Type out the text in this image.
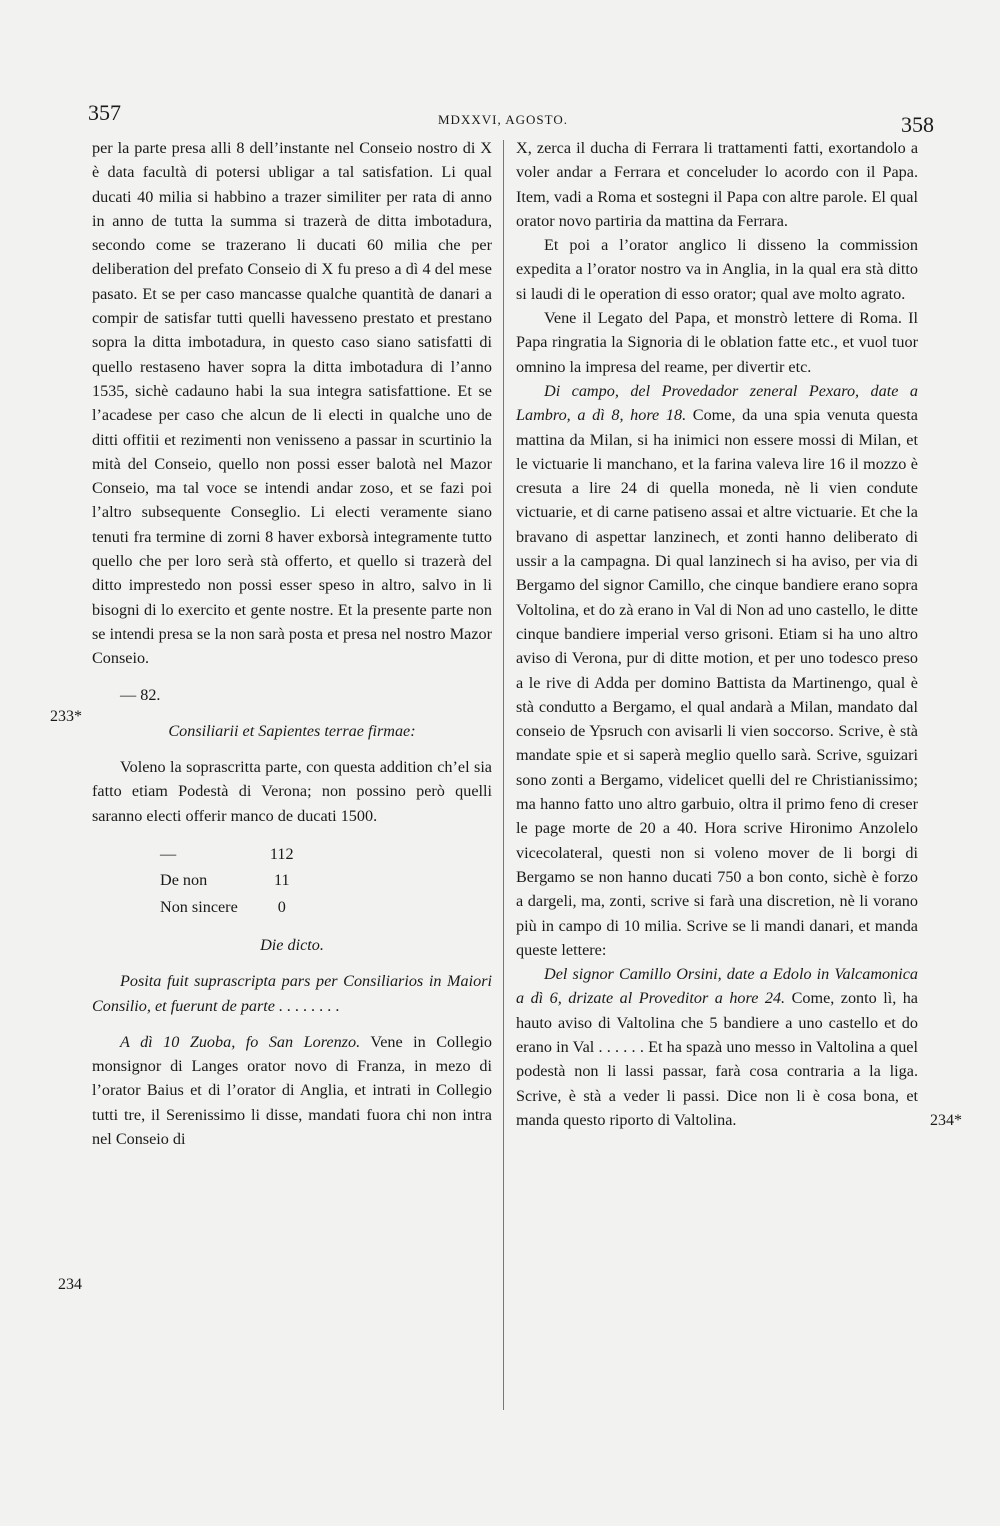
357	MDXXVI, AGOSTO.	358
233*
234
234*

per la parte presa alli 8 dell’instante nel Conseio nostro di X è data facultà di potersi ubligar a tal satisfation. Li qual ducati 40 milia si habbino a trazer similiter per rata di anno in anno de tutta la summa si trazerà de ditta imbotadura, secondo come se trazerano li ducati 60 milia che per deliberation del prefato Conseio di X fu preso a dì 4 del mese pasato. Et se per caso mancasse qualche quantità de danari a compir de satisfar tutti quelli havesseno prestato et prestano sopra la ditta imbotadura, in questo caso siano satisfatti di quello restaseno haver sopra la ditta imbotadura di l’anno 1535, sichè cadauno habi la sua integra satisfattione. Et se l’acadese per caso che alcun de li electi in qualche uno de ditti offitii et rezimenti non venisseno a passar in scurtinio la mità del Conseio, quello non possi esser balotà nel Mazor Conseio, ma tal voce se intendi andar zoso, et se fazi poi l’altro subsequente Conseglio. Li electi veramente siano tenuti fra termine di zorni 8 haver exborsà integramente tutto quello che per loro serà stà offerto, et quello si trazerà del ditto imprestedo non possi esser speso in altro, salvo in li bisogni di lo exercito et gente nostre. Et la presente parte non se intendi presa se la non sarà posta et presa nel nostro Mazor Conseio.

— 82.

Consiliarii et Sapientes terrae firmae:

Voleno la soprascritta parte, con questa addition ch’el sia fatto etiam Podestà di Verona; non possino però quelli saranno electi offerir manco de ducati 1500.

—	112
De non	11
Non sincere	0

Die dicto.

Posita fuit suprascripta pars per Consiliarios in Maiori Consilio, et fuerunt de parte . . . . . . . .

A dì 10 Zuoba, fo San Lorenzo. Vene in Collegio monsignor di Langes orator novo di Franza, in mezo di l’orator Baius et di l’orator di Anglia, et intrati in Collegio tutti tre, il Serenissimo li disse, mandati fuora chi non intra nel Conseio di

X, zerca il ducha di Ferrara li trattamenti fatti, exortandolo a voler andar a Ferrara et conceluder lo acordo con il Papa. Item, vadi a Roma et sostegni il Papa con altre parole. El qual orator novo partiria da mattina da Ferrara.

Et poi a l’orator anglico li disseno la commission expedita a l’orator nostro va in Anglia, in la qual era stà ditto si laudi di le operation di esso orator; qual ave molto agrato.

Vene il Legato del Papa, et monstrò lettere di Roma. Il Papa ringratia la Signoria di le oblation fatte etc., et vuol tuor omnino la impresa del reame, per divertir etc.

Di campo, del Provedador zeneral Pexaro, date a Lambro, a dì 8, hore 18. Come, da una spia venuta questa mattina da Milan, si ha inimici non essere mossi di Milan, et le victuarie li manchano, et la farina valeva lire 16 il mozzo è cresuta a lire 24 di quella moneda, nè li vien condute victuarie, et di carne patiseno assai et altre victuarie. Et che la bravano di aspettar lanzinech, et zonti hanno deliberato di ussir a la campagna. Di qual lanzinech si ha aviso, per via di Bergamo del signor Camillo, che cinque bandiere erano sopra Voltolina, et do zà erano in Val di Non ad uno castello, le ditte cinque bandiere imperial verso grisoni. Etiam si ha uno altro aviso di Verona, pur di ditte motion, et per uno todesco preso a le rive di Adda per domino Battista da Martinengo, qual è stà condutto a Bergamo, el qual andarà a Milan, mandato dal conseio de Ypsruch con avisarli li vien soccorso. Scrive, è stà mandate spie et si saperà meglio quello sarà. Scrive, sguizari sono zonti a Bergamo, videlicet quelli del re Christianissimo; ma hanno fatto uno altro garbuio, oltra il primo feno di creser le page morte de 20 a 40. Hora scrive Hironimo Anzolelo vicecolateral, questi non si voleno mover de li borgi di Bergamo se non hanno ducati 750 a bon conto, sichè è forzo a dargeli, ma, zonti, scrive si farà una discretion, nè li vorano più in campo di 10 milia. Scrive se li mandi danari, et manda queste lettere:

Del signor Camillo Orsini, date a Edolo in Valcamonica a dì 6, drizate al Proveditor a hore 24. Come, zonto lì, ha hauto aviso di Valtolina che 5 bandiere a uno castello et do erano in Val . . . . . . Et ha spazà uno messo in Valtolina a quel podestà non li lassi passar, farà cosa contraria a la liga. Scrive, è stà a veder li passi. Dice non li è cosa bona, et manda questo riporto di Valtolina.
